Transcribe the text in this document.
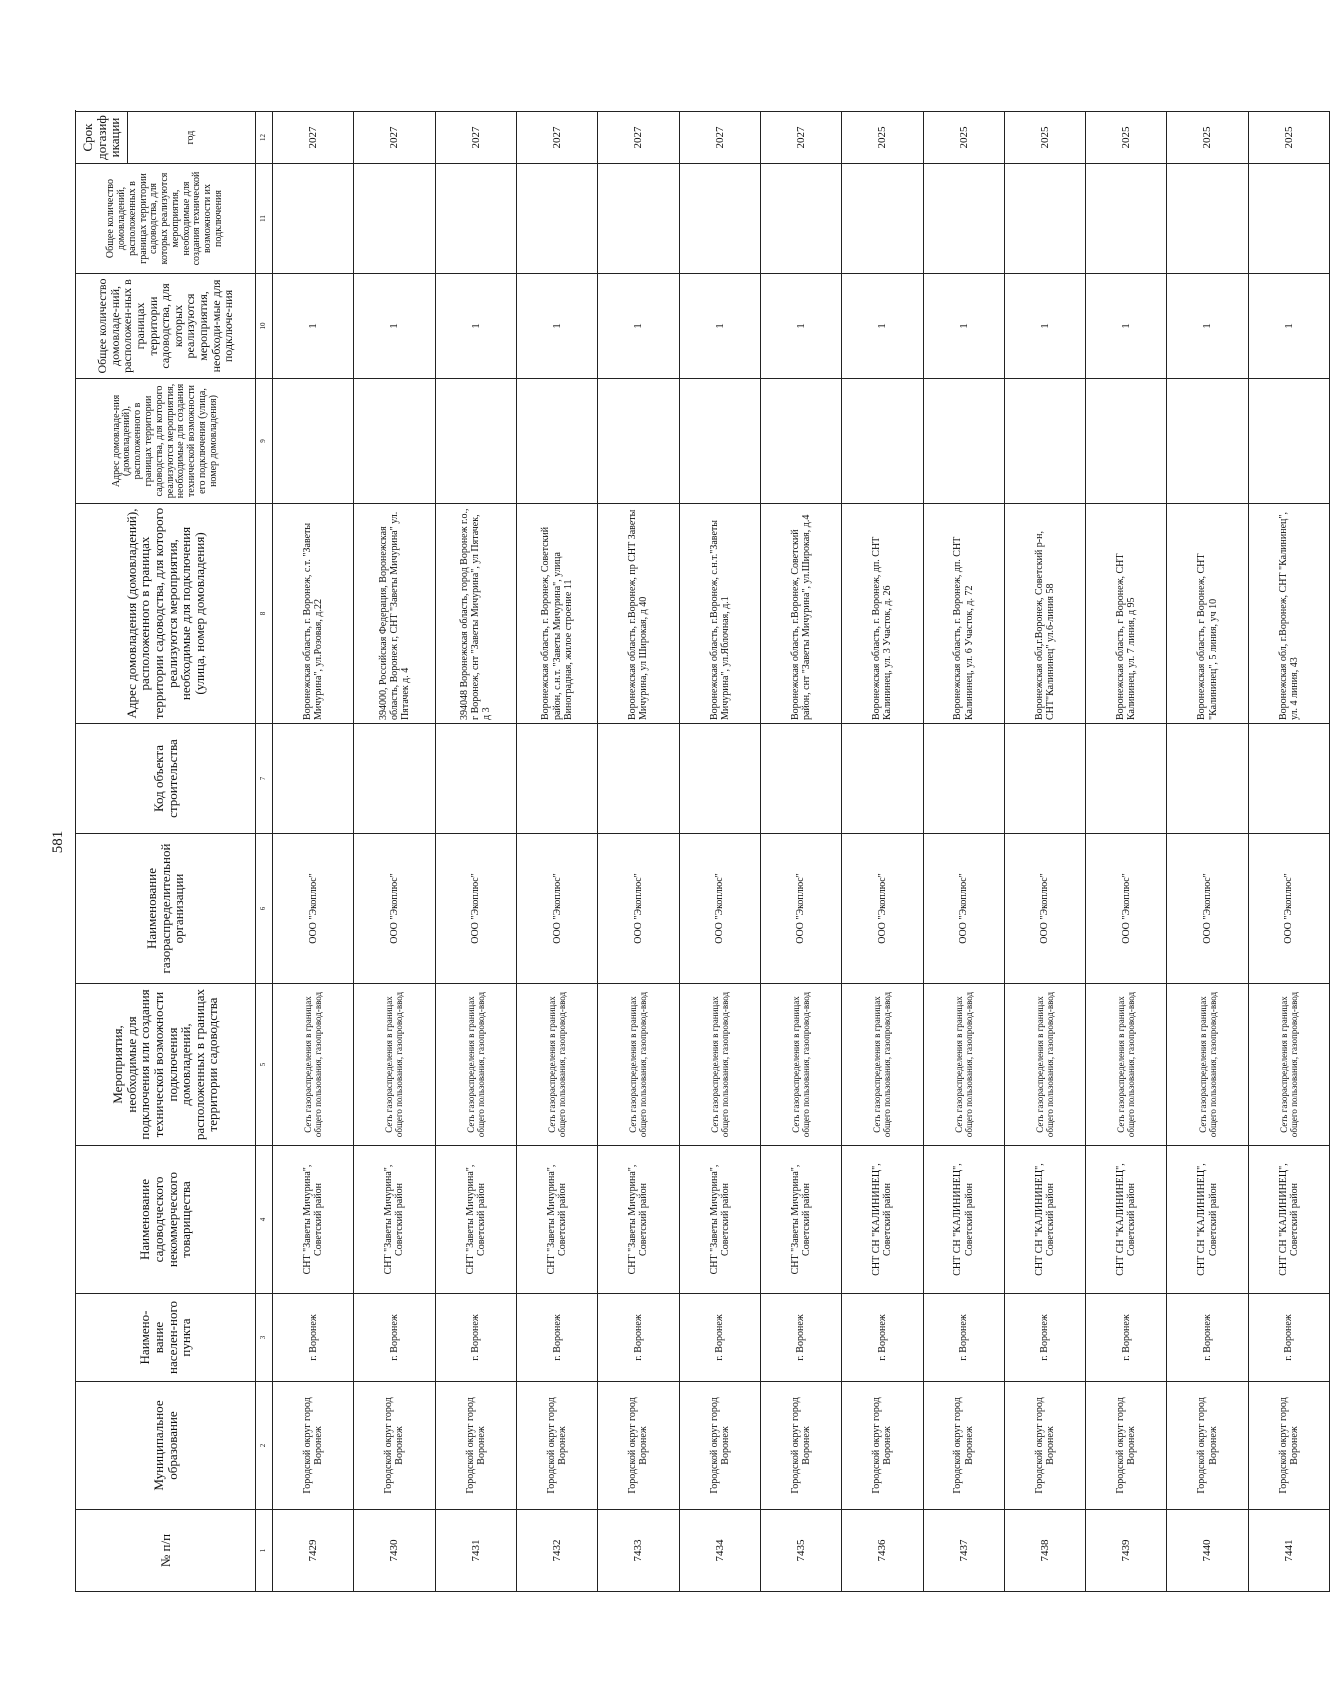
581
№ п/п	Муниципальное образование	Наимено-вание населен-ного пункта	Наименование садоводческого некоммерческого товарищества	Мероприятия, необходимые для подключения или создания технической возможности подключения домовладений, расположенных в границах территории садоводства	Наименование газораспределительной организации	Код объекта строительства	Адрес домовладения (домовладений), расположенного в границах территории садоводства, для которого реализуются мероприятия, необходимые для подключения (улица, номер домовладения)	Адрес домовладе-ния (домовладений), расположенного в границах территории садоводства, для которого реализуются мероприятия, необходимые для создания технической возможности его подключения (улица, номер домовладения)	Общее количество домовладе-ний, расположен-ных в границах территории садоводства, для которых реализуются мероприятия, необходи-мые для подключе-ния	Общее количество домовладений, расположенных в границах территории садоводства, для которых реализуются мероприятия, необходимые для создания технической возможности их подключения	Срок догазификации	
											год	
1	2	3	4	5	6	7	8	9	10	11	12	
7429	Городской округ город Воронеж	г. Воронеж	СНТ "Заветы Мичурина", Советский район	Сеть газораспределения в границах общего пользования, газопровод-ввод	ООО "Экоплюс"		Воронежская область, г. Воронеж, с.т. "Заветы Мичурина", ул.Розовая, д.22		1		2027	
7430	Городской округ город Воронеж	г. Воронеж	СНТ "Заветы Мичурина", Советский район	Сеть газораспределения в границах общего пользования, газопровод-ввод	ООО "Экоплюс"		394000, Российская Федерация, Воронежская область, Воронеж г, СНТ "Заветы Мичурина" ул. Пятачек д. 4		1		2027	
7431	Городской округ город Воронеж	г. Воронеж	СНТ "Заветы Мичурина", Советский район	Сеть газораспределения в границах общего пользования, газопровод-ввод	ООО "Экоплюс"		394048 Воронежская область, город Воронеж г.о., г Воронеж, снт "Заветы Мичурина", ул Пятачек, д 3		1		2027	
7432	Городской округ город Воронеж	г. Воронеж	СНТ "Заветы Мичурина", Советский район	Сеть газораспределения в границах общего пользования, газопровод-ввод	ООО "Экоплюс"		Воронежская область, г. Воронеж, Советский район, с.н.т. "Заветы Мичурина", улица Виноградная, жилое строение 11		1		2027	
7433	Городской округ город Воронеж	г. Воронеж	СНТ "Заветы Мичурина", Советский район	Сеть газораспределения в границах общего пользования, газопровод-ввод	ООО "Экоплюс"		Воронежская область, г.Воронеж, пр СНТ Заветы Мичурина, ул Широкая, д 40		1		2027	
7434	Городской округ город Воронеж	г. Воронеж	СНТ "Заветы Мичурина", Советский район	Сеть газораспределения в границах общего пользования, газопровод-ввод	ООО "Экоплюс"		Воронежская область, г.Воронеж, с.н.т."Заветы Мичурина", ул.Яблочная, д.1		1		2027	
7435	Городской округ город Воронеж	г. Воронеж	СНТ "Заветы Мичурина", Советский район	Сеть газораспределения в границах общего пользования, газопровод-ввод	ООО "Экоплюс"		Воронежская область, г.Воронеж, Советский район, снт "Заветы Мичурина", ул.Широкая, д.4		1		2027	
7436	Городской округ город Воронеж	г. Воронеж	СНТ СН "КАЛИНИНЕЦ", Советский район	Сеть газораспределения в границах общего пользования, газопровод-ввод	ООО "Экоплюс"		Воронежская область, г. Воронеж, дп. СНТ Калининец, ул. 3 Участок, д. 26		1		2025	
7437	Городской округ город Воронеж	г. Воронеж	СНТ СН "КАЛИНИНЕЦ", Советский район	Сеть газораспределения в границах общего пользования, газопровод-ввод	ООО "Экоплюс"		Воронежская область, г. Воронеж, дп. СНТ Калининец, ул. 6 Участок, д. 72		1		2025	
7438	Городской округ город Воронеж	г. Воронеж	СНТ СН "КАЛИНИНЕЦ", Советский район	Сеть газораспределения в границах общего пользования, газопровод-ввод	ООО "Экоплюс"		Воронежская обл,г.Воронеж, Советский р-н, СНТ"Калининец" ул.6-линия 58		1		2025	
7439	Городской округ город Воронеж	г. Воронеж	СНТ СН "КАЛИНИНЕЦ", Советский район	Сеть газораспределения в границах общего пользования, газопровод-ввод	ООО "Экоплюс"		Воронежская область, г Воронеж, СНТ Калининец, ул. 7 линия, д 95		1		2025	
7440	Городской округ город Воронеж	г. Воронеж	СНТ СН "КАЛИНИНЕЦ", Советский район	Сеть газораспределения в границах общего пользования, газопровод-ввод	ООО "Экоплюс"		Воронежская область, г Воронеж, СНТ "Калининец", 5 линия, уч 10		1		2025	
7441	Городской округ город Воронеж	г. Воронеж	СНТ СН "КАЛИНИНЕЦ", Советский район	Сеть газораспределения в границах общего пользования, газопровод-ввод	ООО "Экоплюс"		Воронежская обл, г.Воронеж, СНТ "Калининец", ул. 4 линия, 43		1		2025	
